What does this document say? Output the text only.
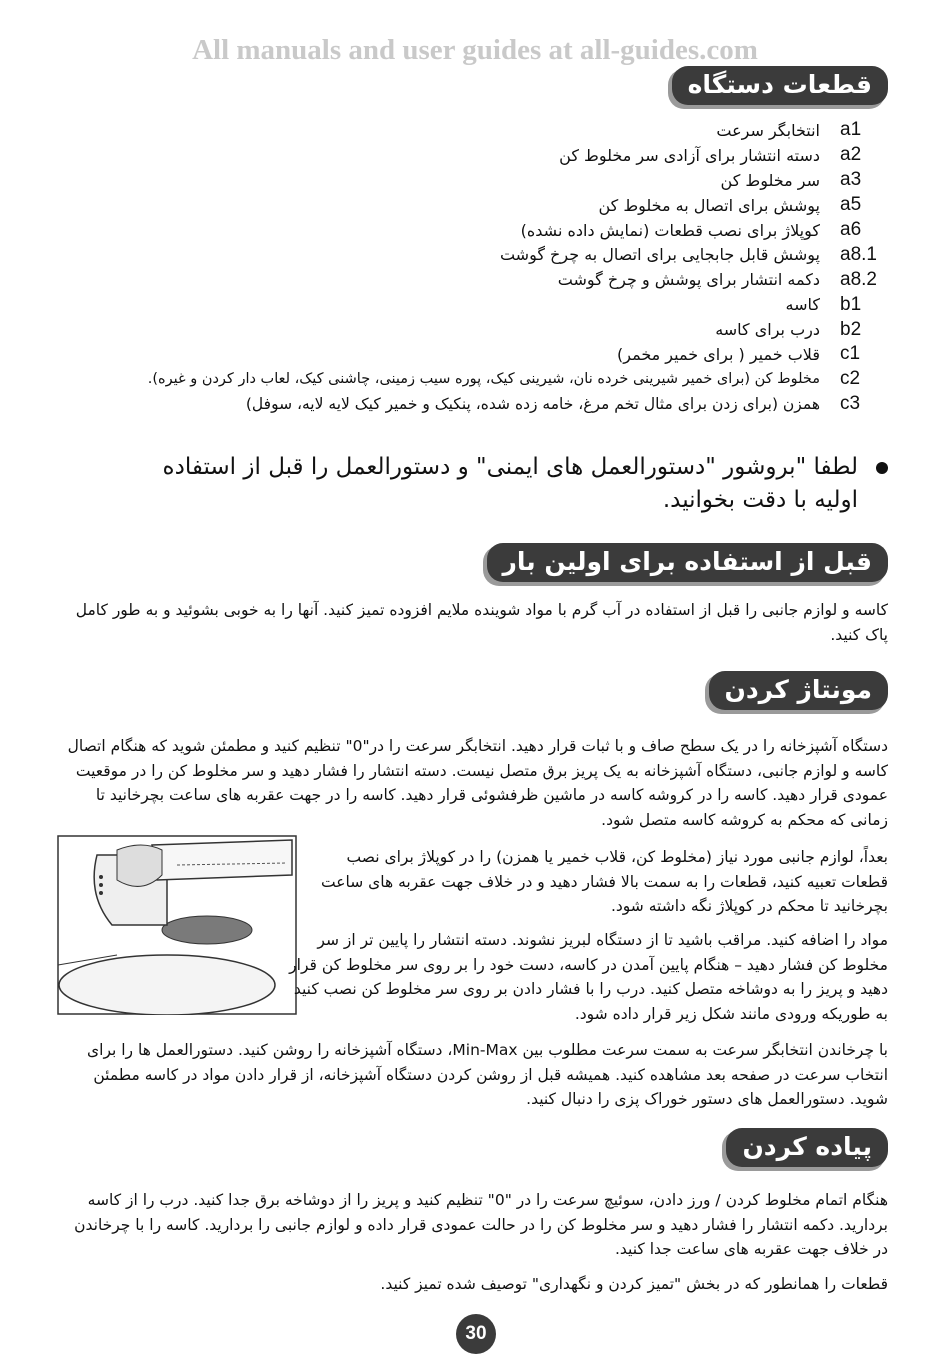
All manuals and user guides at all-guides.com
قطعات دستگاه
a1
انتخابگر سرعت
a2
دسته انتشار برای آزادی سر مخلوط کن
a3
سر مخلوط کن
a5
پوشش برای اتصال به مخلوط کن
a6
کوپلاژ برای نصب قطعات (نمایش داده نشده)
a8.1
پوشش قابل جابجایی برای اتصال به چرخ گوشت
a8.2
دکمه انتشار برای پوشش و چرخ گوشت
b1
کاسه
b2
درب برای کاسه
c1
قلاب خمیر ( برای خمیر مخمر)
c2
مخلوط کن (برای خمیر شیرینی خرده نان، شیرینی کیک، پوره سیب زمینی، چاشنی کیک، لعاب دار کردن و غیره).
c3
همزن (برای زدن برای مثال تخم مرغ، خامه زده شده، پنکیک و خمیر کیک لایه لایه، سوفل)
لطفا "بروشور "دستورالعمل های ایمنی" و دستورالعمل را قبل از استفاده
اولیه با دقت بخوانید.
قبل از استفاده برای اولین بار
کاسه و لوازم جانبی را قبل از استفاده در آب گرم با مواد شوینده ملایم افزوده تمیز کنید. آنها را به خوبی بشوئید و به طور کامل پاک کنید.
مونتاژ کردن
دستگاه آشپزخانه را در یک سطح صاف و با ثبات قرار دهید. انتخابگر سرعت را در"0" تنظیم کنید و مطمئن شوید که هنگام اتصال کاسه و لوازم جانبی، دستگاه آشپزخانه به یک پریز برق متصل نیست. دسته انتشار را فشار دهید و سر مخلوط کن را در موقعیت عمودی قرار دهید. کاسه را در کروشه کاسه در ماشین ظرفشوئی قرار دهید. کاسه را در جهت عقربه های ساعت بچرخانید تا زمانی که محکم به کروشه کاسه متصل شود.
بعداً، لوازم جانبی مورد نیاز (مخلوط کن، قلاب خمیر یا همزن) را در کوپلاژ برای نصب قطعات تعبیه کنید، قطعات را به سمت بالا فشار دهید و در خلاف جهت عقربه های ساعت بچرخانید تا محکم در کوپلاژ نگه داشته شود.
مواد را اضافه کنید. مراقب باشید تا از دستگاه لبریز نشوند. دسته انتشار را پایین تر از سر مخلوط کن فشار دهید – هنگام پایین آمدن در کاسه، دست خود را بر روی سر مخلوط کن قرار دهید و پریز را به دوشاخه متصل کنید. درب را با فشار دادن بر روی سر مخلوط کن نصب کنید به طوریکه ورودی مانند شکل زیر قرار داده شود.
با چرخاندن انتخابگر سرعت به سمت سرعت مطلوب بین Min-Max، دستگاه آشپزخانه را روشن کنید. دستورالعمل ها را برای انتخاب سرعت در صفحه بعد مشاهده کنید. همیشه قبل از روشن کردن دستگاه آشپزخانه، از قرار دادن مواد در کاسه مطمئن شوید. دستورالعمل های دستور خوراک پزی را دنبال کنید.
پیاده کردن
هنگام اتمام مخلوط کردن / ورز دادن، سوئیچ سرعت را در "0" تنظیم کنید و پریز را از دوشاخه برق جدا کنید. درب را از کاسه بردارید. دکمه انتشار را فشار دهید و سر مخلوط کن را در حالت عمودی قرار داده و لوازم جانبی را بردارید. کاسه را با چرخاندن در خلاف جهت عقربه های ساعت جدا کنید.
قطعات را همانطور که در بخش "تمیز کردن و نگهداری" توصیف شده تمیز کنید.
30
